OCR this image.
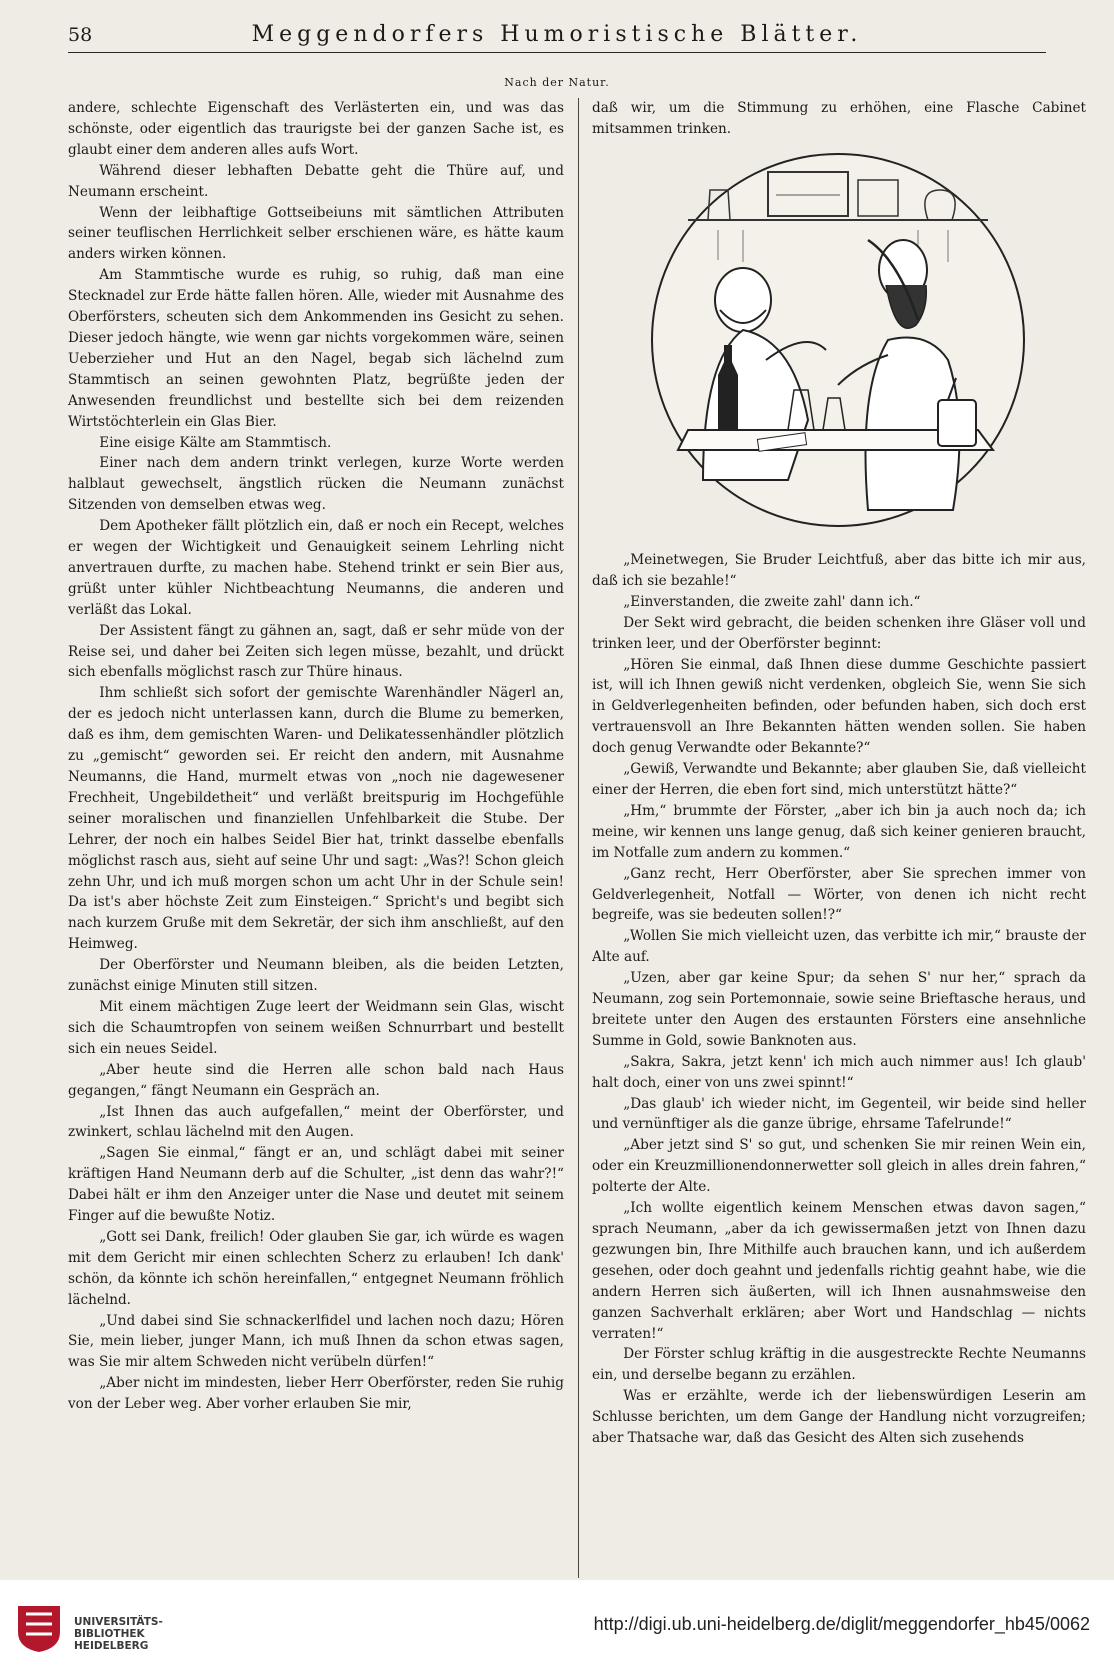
58	Meggendorfers Humoristische Blätter.
Nach der Natur.

andere, schlechte Eigenschaft des Verlästerten ein, und was das schönste, oder eigentlich das traurigste bei der ganzen Sache ist, es glaubt einer dem anderen alles aufs Wort.

Während dieser lebhaften Debatte geht die Thüre auf, und Neumann erscheint.

Wenn der leibhaftige Gottseibeiuns mit sämtlichen Attributen seiner teuflischen Herrlichkeit selber erschienen wäre, es hätte kaum anders wirken können.

Am Stammtische wurde es ruhig, so ruhig, daß man eine Stecknadel zur Erde hätte fallen hören. Alle, wieder mit Ausnahme des Oberförsters, scheuten sich dem Ankommenden ins Gesicht zu sehen. Dieser jedoch hängte, wie wenn gar nichts vorgekommen wäre, seinen Ueberzieher und Hut an den Nagel, begab sich lächelnd zum Stammtisch an seinen gewohnten Platz, begrüßte jeden der Anwesenden freundlichst und bestellte sich bei dem reizenden Wirtstöchterlein ein Glas Bier.

Eine eisige Kälte am Stammtisch.

Einer nach dem andern trinkt verlegen, kurze Worte werden halblaut gewechselt, ängstlich rücken die Neumann zunächst Sitzenden von demselben etwas weg.

Dem Apotheker fällt plötzlich ein, daß er noch ein Recept, welches er wegen der Wichtigkeit und Genauigkeit seinem Lehrling nicht anvertrauen durfte, zu machen habe. Stehend trinkt er sein Bier aus, grüßt unter kühler Nichtbeachtung Neumanns, die anderen und verläßt das Lokal.

Der Assistent fängt zu gähnen an, sagt, daß er sehr müde von der Reise sei, und daher bei Zeiten sich legen müsse, bezahlt, und drückt sich ebenfalls möglichst rasch zur Thüre hinaus.

Ihm schließt sich sofort der gemischte Warenhändler Nägerl an, der es jedoch nicht unterlassen kann, durch die Blume zu bemerken, daß es ihm, dem gemischten Waren- und Delikatessenhändler plötzlich zu „gemischt“ geworden sei. Er reicht den andern, mit Ausnahme Neumanns, die Hand, murmelt etwas von „noch nie dagewesener Frechheit, Ungebildetheit“ und verläßt breitspurig im Hochgefühle seiner moralischen und finanziellen Unfehlbarkeit die Stube. Der Lehrer, der noch ein halbes Seidel Bier hat, trinkt dasselbe ebenfalls möglichst rasch aus, sieht auf seine Uhr und sagt: „Was?! Schon gleich zehn Uhr, und ich muß morgen schon um acht Uhr in der Schule sein! Da ist's aber höchste Zeit zum Einsteigen.“ Spricht's und begibt sich nach kurzem Gruße mit dem Sekretär, der sich ihm anschließt, auf den Heimweg.

Der Oberförster und Neumann bleiben, als die beiden Letzten, zunächst einige Minuten still sitzen.

Mit einem mächtigen Zuge leert der Weidmann sein Glas, wischt sich die Schaumtropfen von seinem weißen Schnurrbart und bestellt sich ein neues Seidel.

„Aber heute sind die Herren alle schon bald nach Haus gegangen,“ fängt Neumann ein Gespräch an.

„Ist Ihnen das auch aufgefallen,“ meint der Oberförster, und zwinkert, schlau lächelnd mit den Augen.

„Sagen Sie einmal,“ fängt er an, und schlägt dabei mit seiner kräftigen Hand Neumann derb auf die Schulter, „ist denn das wahr?!“ Dabei hält er ihm den Anzeiger unter die Nase und deutet mit seinem Finger auf die bewußte Notiz.

„Gott sei Dank, freilich! Oder glauben Sie gar, ich würde es wagen mit dem Gericht mir einen schlechten Scherz zu erlauben! Ich dank' schön, da könnte ich schön hereinfallen,“ entgegnet Neumann fröhlich lächelnd.

„Und dabei sind Sie schnackerlfidel und lachen noch dazu; Hören Sie, mein lieber, junger Mann, ich muß Ihnen da schon etwas sagen, was Sie mir altem Schweden nicht verübeln dürfen!“

„Aber nicht im mindesten, lieber Herr Oberförster, reden Sie ruhig von der Leber weg. Aber vorher erlauben Sie mir,

daß wir, um die Stimmung zu erhöhen, eine Flasche Cabinet mitsammen trinken.

„Meinetwegen, Sie Bruder Leichtfuß, aber das bitte ich mir aus, daß ich sie bezahle!“

„Einverstanden, die zweite zahl' dann ich.“

Der Sekt wird gebracht, die beiden schenken ihre Gläser voll und trinken leer, und der Oberförster beginnt:

„Hören Sie einmal, daß Ihnen diese dumme Geschichte passiert ist, will ich Ihnen gewiß nicht verdenken, obgleich Sie, wenn Sie sich in Geldverlegenheiten befinden, oder befunden haben, sich doch erst vertrauensvoll an Ihre Bekannten hätten wenden sollen. Sie haben doch genug Verwandte oder Bekannte?“

„Gewiß, Verwandte und Bekannte; aber glauben Sie, daß vielleicht einer der Herren, die eben fort sind, mich unterstützt hätte?“

„Hm,“ brummte der Förster, „aber ich bin ja auch noch da; ich meine, wir kennen uns lange genug, daß sich keiner genieren braucht, im Notfalle zum andern zu kommen.“

„Ganz recht, Herr Oberförster, aber Sie sprechen immer von Geldverlegenheit, Notfall — Wörter, von denen ich nicht recht begreife, was sie bedeuten sollen!?“

„Wollen Sie mich vielleicht uzen, das verbitte ich mir,“ brauste der Alte auf.

„Uzen, aber gar keine Spur; da sehen S' nur her,“ sprach da Neumann, zog sein Portemonnaie, sowie seine Brieftasche heraus, und breitete unter den Augen des erstaunten Försters eine ansehnliche Summe in Gold, sowie Banknoten aus.

„Sakra, Sakra, jetzt kenn' ich mich auch nimmer aus! Ich glaub' halt doch, einer von uns zwei spinnt!“

„Das glaub' ich wieder nicht, im Gegenteil, wir beide sind heller und vernünftiger als die ganze übrige, ehrsame Tafelrunde!“

„Aber jetzt sind S' so gut, und schenken Sie mir reinen Wein ein, oder ein Kreuzmillionendonnerwetter soll gleich in alles drein fahren,“ polterte der Alte.

„Ich wollte eigentlich keinem Menschen etwas davon sagen,“ sprach Neumann, „aber da ich gewissermaßen jetzt von Ihnen dazu gezwungen bin, Ihre Mithilfe auch brauchen kann, und ich außerdem gesehen, oder doch geahnt und jedenfalls richtig geahnt habe, wie die andern Herren sich äußerten, will ich Ihnen ausnahmsweise den ganzen Sachverhalt erklären; aber Wort und Handschlag — nichts verraten!“

Der Förster schlug kräftig in die ausgestreckte Rechte Neumanns ein, und derselbe begann zu erzählen.

Was er erzählte, werde ich der liebenswürdigen Leserin am Schlusse berichten, um dem Gange der Handlung nicht vorzugreifen; aber Thatsache war, daß das Gesicht des Alten sich zusehends

UNIVERSITÄTS-
BIBLIOTHEK
HEIDELBERG
http://digi.ub.uni-heidelberg.de/diglit/meggendorfer_hb45/0062
